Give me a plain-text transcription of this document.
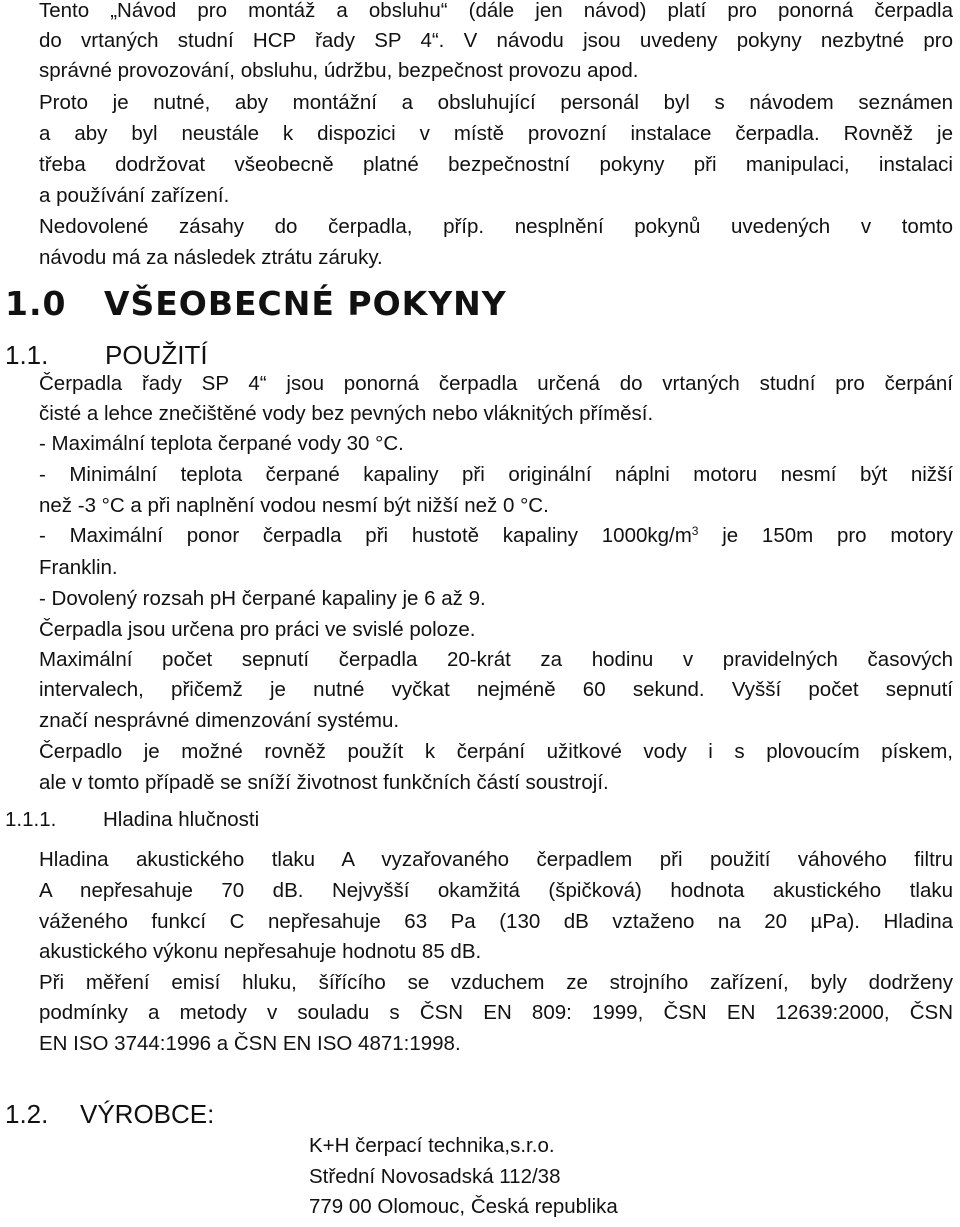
Tento „Návod pro montáž a obsluhu“ (dále jen návod) platí pro ponorná čerpadla
do vrtaných studní HCP řady SP 4“. V návodu jsou uvedeny pokyny nezbytné pro
správné provozování, obsluhu, údržbu, bezpečnost provozu apod.
Proto je nutné, aby montážní a obsluhující personál byl s návodem seznámen
a aby byl neustále k dispozici v místě provozní instalace čerpadla. Rovněž je
třeba dodržovat všeobecně platné bezpečnostní pokyny při manipulaci, instalaci
a používání zařízení.
Nedovolené zásahy do čerpadla, příp. nesplnění pokynů uvedených v tomto
návodu má za následek ztrátu záruky.
1.0 VŠEOBECNÉ POKYNY
1.1. POUŽITÍ
Čerpadla řady SP 4“ jsou ponorná čerpadla určená do vrtaných studní pro čerpání
čisté a lehce znečištěné vody bez pevných nebo vláknitých příměsí.
- Maximální teplota čerpané vody 30 °C.
- Minimální teplota čerpané kapaliny při originální náplni motoru nesmí být nižší
než -3 °C a při naplnění vodou nesmí být nižší než 0 °C.
- Maximální ponor čerpadla při hustotě kapaliny $1000kg/m^3$ je 150m pro motory
Franklin.
- Dovolený rozsah pH čerpané kapaliny je 6 až 9.
Čerpadla jsou určena pro práci ve svislé poloze.
Maximální počet sepnutí čerpadla 20-krát za hodinu v pravidelných časových
intervalech, přičemž je nutné vyčkat nejméně 60 sekund. Vyšší počet sepnutí
značí nesprávné dimenzování systému.
Čerpadlo je možné rovněž použít k čerpání užitkové vody i s plovoucím pískem,
ale v tomto případě se sníží životnost funkčních částí soustrojí.
1.1.1. Hladina hlučnosti
Hladina akustického tlaku A vyzařovaného čerpadlem při použití váhového filtru
A nepřesahuje 70 dB. Nejvyšší okamžitá (špičková) hodnota akustického tlaku
váženého funkcí C nepřesahuje 63 Pa (130 dB vztaženo na 20 µPa). Hladina
akustického výkonu nepřesahuje hodnotu 85 dB.
Při měření emisí hluku, šířícího se vzduchem ze strojního zařízení, byly dodrženy
podmínky a metody v souladu s ČSN EN 809: 1999, ČSN EN 12639:2000, ČSN
EN ISO 3744:1996 a ČSN EN ISO 4871:1998.
1.2. VÝROBCE:
K+H čerpací technika,s.r.o.
Střední Novosadská 112/38
779 00 Olomouc, Česká republika
